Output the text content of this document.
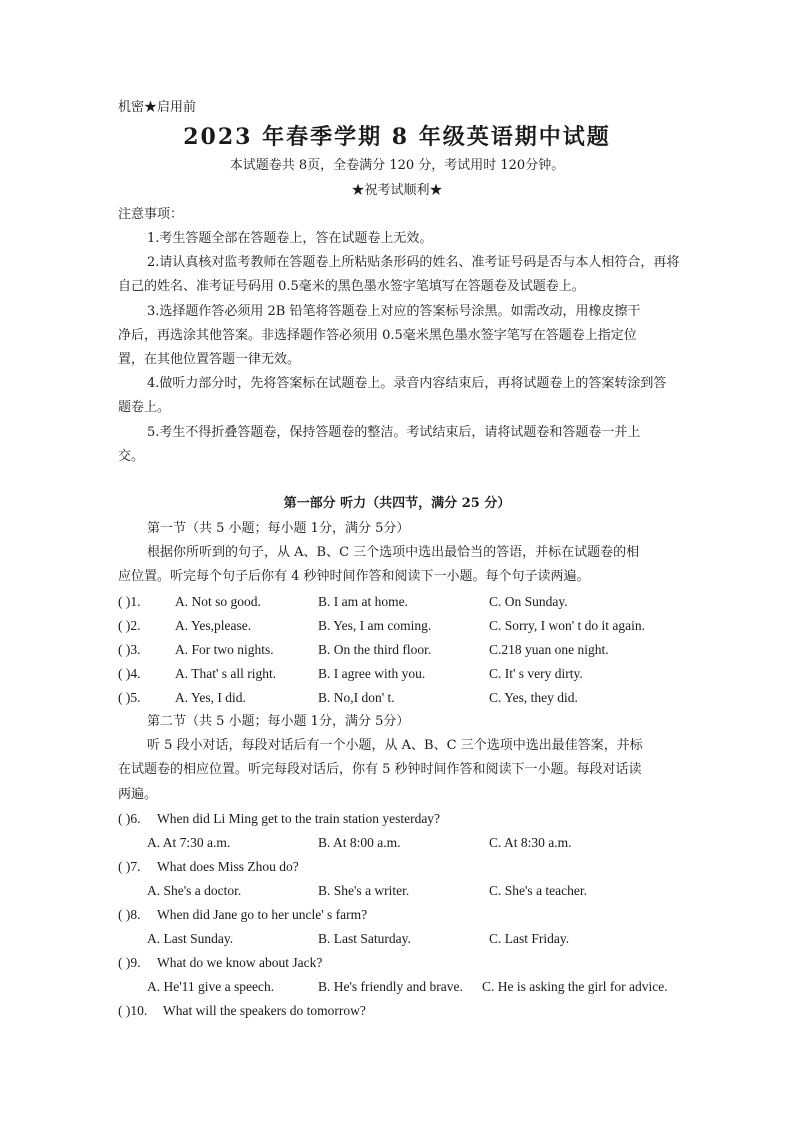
机密★启用前
2023 年春季学期 8 年级英语期中试题
本试题卷共 8页，全卷满分 120 分，考试用时 120分钟。
★祝考试顺利★
注意事项：
1.考生答题全部在答题卷上，答在试题卷上无效。
2.请认真核对监考教师在答题卷上所粘贴条形码的姓名、准考证号码是否与本人相符合，再将
自己的姓名、准考证号码用 0.5毫米的黑色墨水签字笔填写在答题卷及试题卷上。
3.选择题作答必须用 2B 铅笔将答题卷上对应的答案标号涂黑。如需改动，用橡皮擦干
净后，再选涂其他答案。非选择题作答必须用 0.5毫米黑色墨水签字笔写在答题卷上指定位
置，在其他位置答题一律无效。
4.做听力部分时，先将答案标在试题卷上。录音内容结束后，再将试题卷上的答案转涂到答
题卷上。
5.考生不得折叠答题卷，保持答题卷的整洁。考试结束后，请将试题卷和答题卷一并上
交。
第一部分 听力（共四节，满分 25 分）
第一节（共 5 小题；每小题 1分，满分 5分）
根据你所听到的句子，从 A、B、C 三个选项中选出最恰当的答语，并标在试题卷的相
应位置。听完每个句子后你有 4 秒钟时间作答和阅读下一小题。每个句子读两遍。
( )1.	A. Not so good.	B. I am at home.	C. On Sunday.
( )2.	A. Yes,please.	B. Yes, I am coming.	C. Sorry, I won' t do it again.
( )3.	A. For two nights.	B. On the third floor.	C.218 yuan one night.
( )4.	A. That' s all right.	B. I agree with you.	C. It' s very dirty.
( )5.	A. Yes, I did.	B. No,I don' t.	C. Yes, they did.
第二节（共 5 小题；每小题 1分，满分 5分）
听 5 段小对话，每段对话后有一个小题，从 A、B、C 三个选项中选出最佳答案，并标
在试题卷的相应位置。听完每段对话后，你有 5 秒钟时间作答和阅读下一小题。每段对话读
两遍。
( )6. When did Li Ming get to the train station yesterday?
A. At 7:30 a.m.	B. At 8:00 a.m.	C. At 8:30 a.m.
( )7. What does Miss Zhou do?
A. She's a doctor.	B. She's a writer.	C. She's a teacher.
( )8. When did Jane go to her uncle' s farm?
A. Last Sunday.	B. Last Saturday.	C. Last Friday.
( )9. What do we know about Jack?
A. He'11 give a speech.	B. He's friendly and brave. C. He is asking the girl for advice.
( )10. What will the speakers do tomorrow?
